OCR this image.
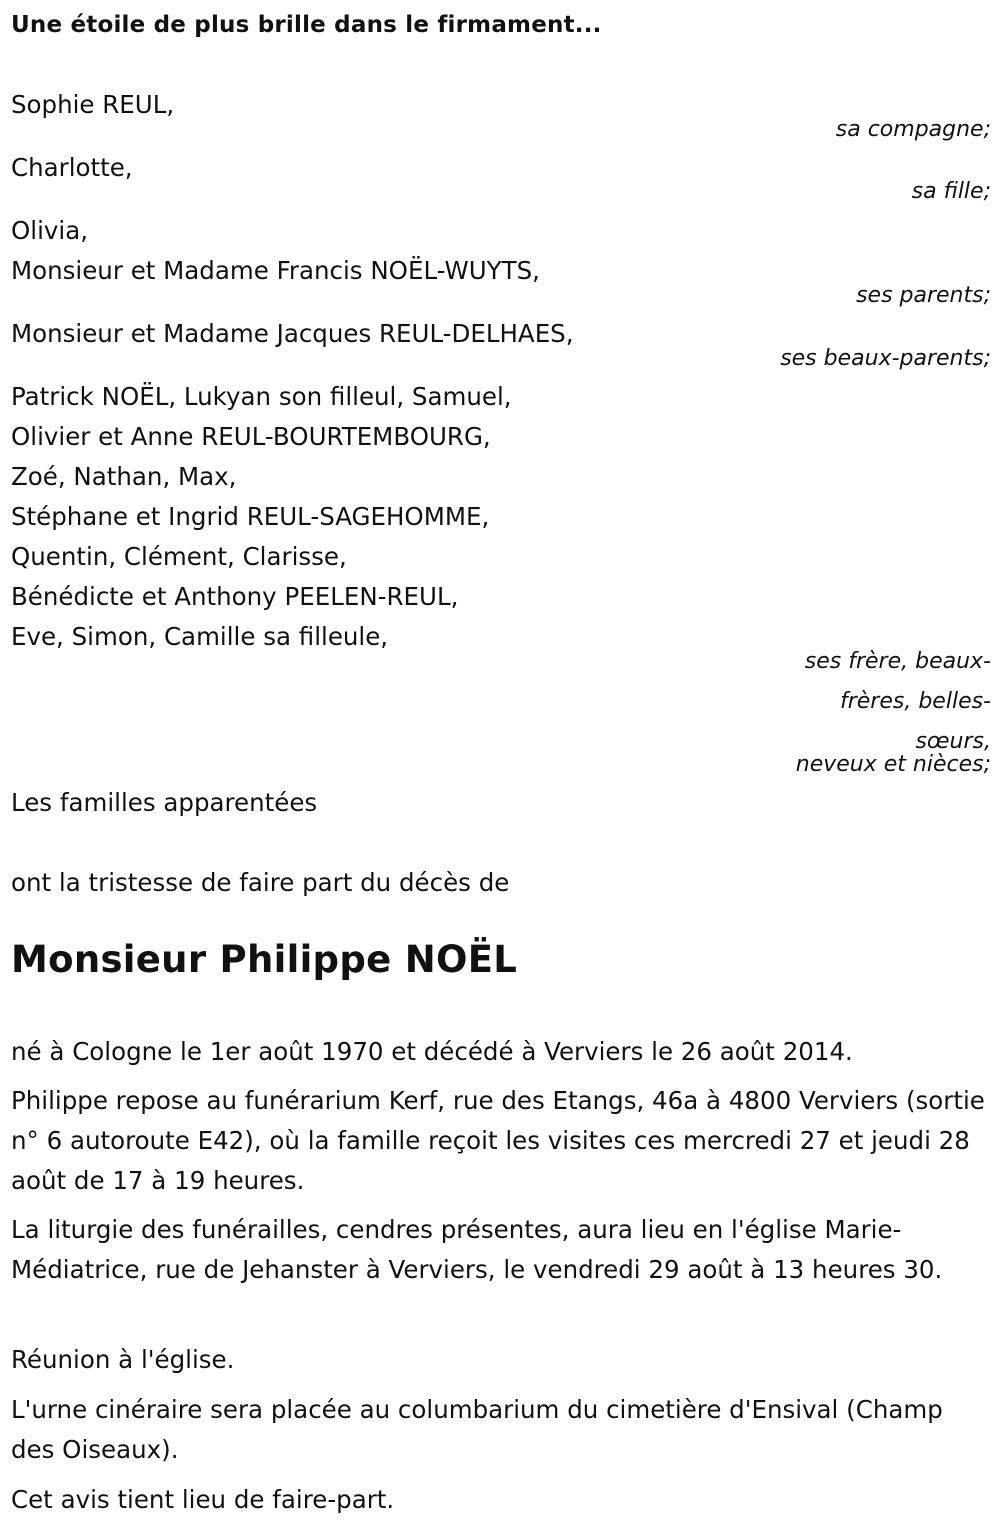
Une étoile de plus brille dans le firmament...
Sophie REUL,
sa compagne;
Charlotte,
sa fille;
Olivia,
Monsieur et Madame Francis NOËL-WUYTS,
ses parents;
Monsieur et Madame Jacques REUL-DELHAES,
ses beaux-parents;
Patrick NOËL, Lukyan son filleul, Samuel,
Olivier et Anne REUL-BOURTEMBOURG,
Zoé, Nathan, Max,
Stéphane et Ingrid REUL-SAGEHOMME,
Quentin, Clément, Clarisse,
Bénédicte et Anthony PEELEN-REUL,
Eve, Simon, Camille sa filleule,
ses frère, beaux-
frères, belles-
sœurs,
neveux et nièces;
Les familles apparentées
ont la tristesse de faire part du décès de
Monsieur Philippe NOËL
né à Cologne le 1er août 1970 et décédé à Verviers le 26 août 2014.
Philippe repose au funérarium Kerf, rue des Etangs, 46a à 4800 Verviers (sortie n° 6 autoroute E42), où la famille reçoit les visites ces mercredi 27 et jeudi 28 août de 17 à 19 heures.
La liturgie des funérailles, cendres présentes, aura lieu en l'église Marie-Médiatrice, rue de Jehanster à Verviers, le vendredi 29 août à 13 heures 30.
Réunion à l'église.
L'urne cinéraire sera placée au columbarium du cimetière d'Ensival (Champ des Oiseaux).
Cet avis tient lieu de faire-part.
